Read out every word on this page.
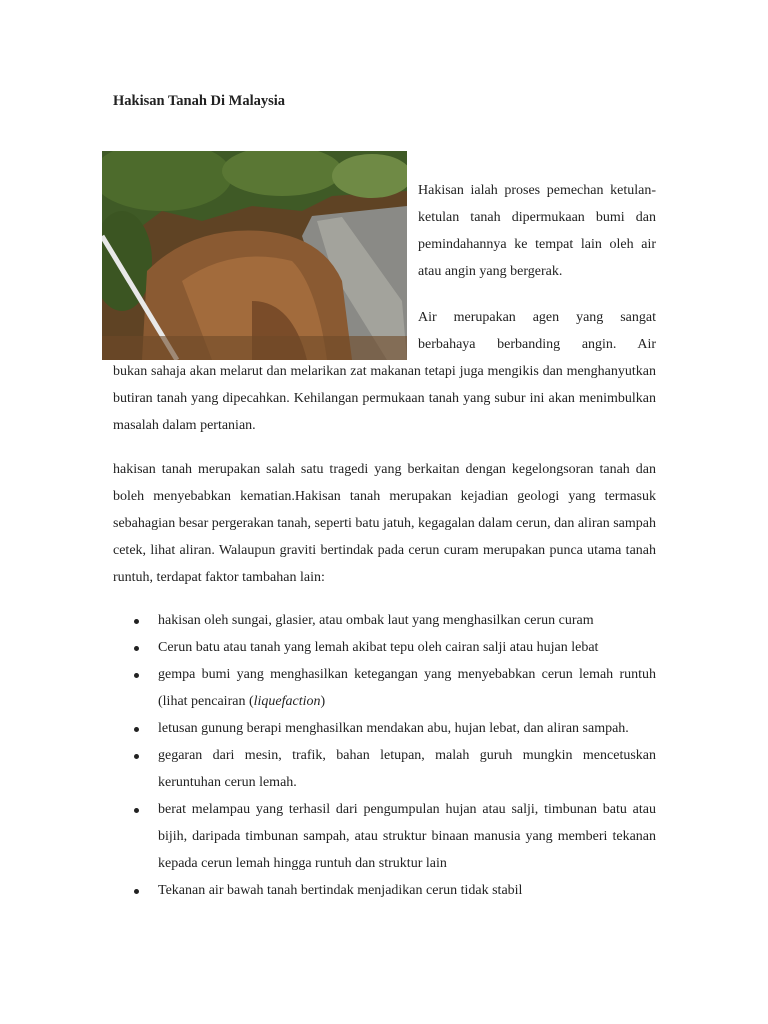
Hakisan Tanah Di Malaysia

Hakisan ialah proses pemechan ketulan-ketulan tanah dipermukaan bumi dan pemindahannya ke tempat lain oleh air atau angin yang bergerak.

Air merupakan agen yang sangat berbahaya berbanding angin. Air

bukan sahaja akan melarut dan melarikan zat makanan tetapi juga mengikis dan menghanyutkan butiran tanah yang dipecahkan. Kehilangan permukaan tanah yang subur ini akan menimbulkan masalah dalam pertanian.

hakisan tanah merupakan salah satu tragedi yang berkaitan dengan kegelongsoran tanah dan boleh menyebabkan kematian.Hakisan tanah merupakan kejadian geologi yang termasuk sebahagian besar pergerakan tanah, seperti batu jatuh, kegagalan dalam cerun, dan aliran sampah cetek, lihat aliran. Walaupun graviti bertindak pada cerun curam merupakan punca utama tanah runtuh, terdapat faktor tambahan lain:

hakisan oleh sungai, glasier, atau ombak laut yang menghasilkan cerun curam
Cerun batu atau tanah yang lemah akibat tepu oleh cairan salji atau hujan lebat
gempa bumi yang menghasilkan ketegangan yang menyebabkan cerun lemah runtuh (lihat pencairan (liquefaction)
letusan gunung berapi menghasilkan mendakan abu, hujan lebat, dan aliran sampah.
gegaran dari mesin, trafik, bahan letupan, malah guruh mungkin mencetuskan keruntuhan cerun lemah.
berat melampau yang terhasil dari pengumpulan hujan atau salji, timbunan batu atau bijih, daripada timbunan sampah, atau struktur binaan manusia yang memberi tekanan kepada cerun lemah hingga runtuh dan struktur lain
Tekanan air bawah tanah bertindak menjadikan cerun tidak stabil
